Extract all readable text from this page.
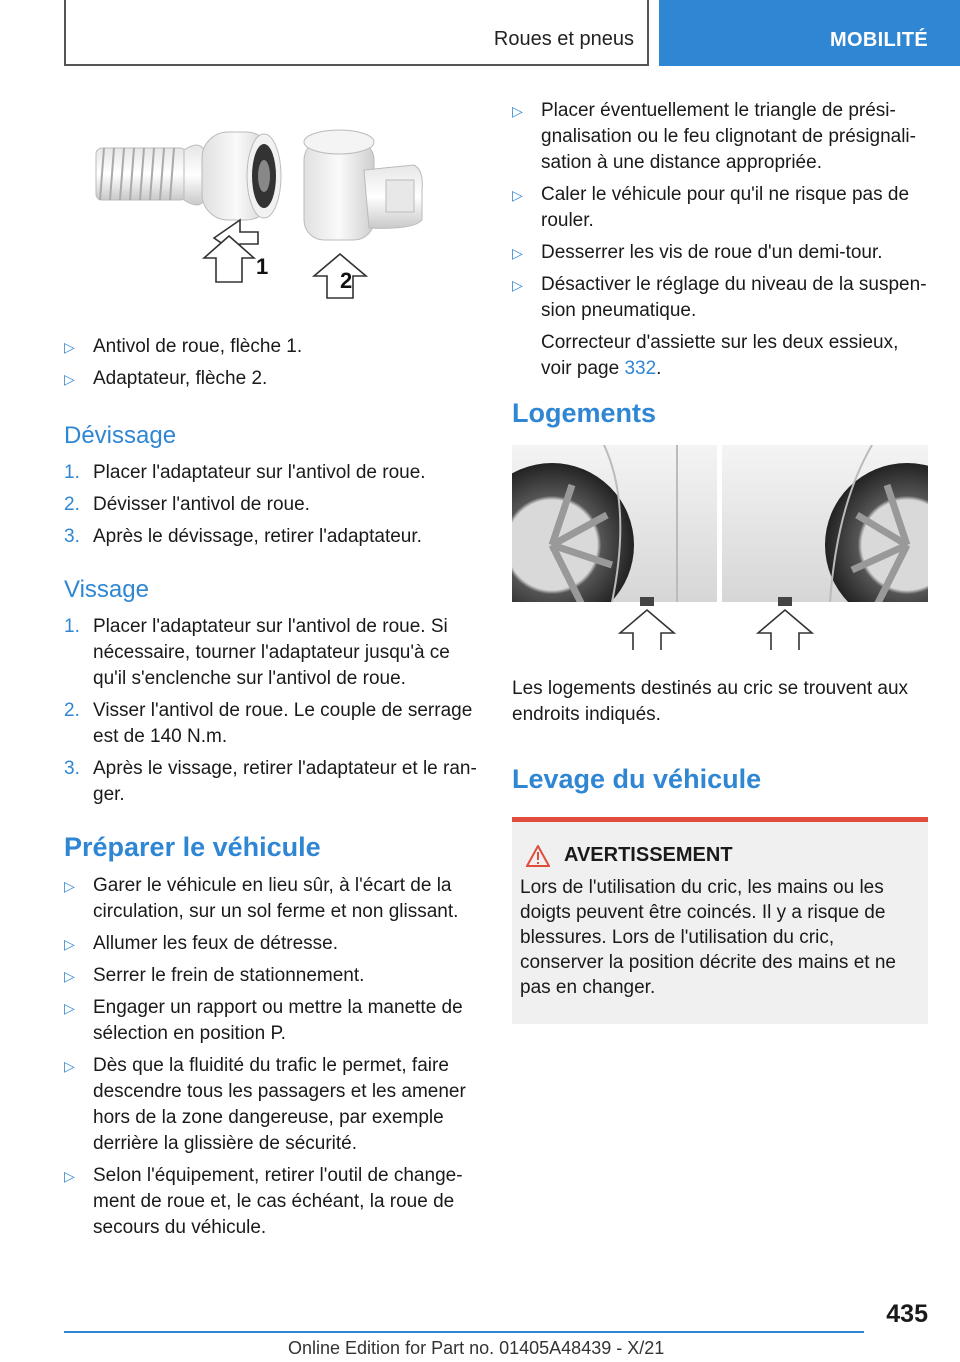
Roues et pneus	MOBILITÉ
1
2
▷ Antivol de roue, flèche 1.
▷ Adaptateur, flèche 2.
Dévissage
1. Placer l'adaptateur sur l'antivol de roue.
2. Dévisser l'antivol de roue.
3. Après le dévissage, retirer l'adaptateur.
Vissage
1. Placer l'adaptateur sur l'antivol de roue. Si nécessaire, tourner l'adaptateur jusqu'à ce qu'il s'enclenche sur l'antivol de roue.
2. Visser l'antivol de roue. Le couple de serrage est de 140 N.m.
3. Après le vissage, retirer l'adaptateur et le ranger.
Préparer le véhicule
▷ Garer le véhicule en lieu sûr, à l'écart de la circulation, sur un sol ferme et non glissant.
▷ Allumer les feux de détresse.
▷ Serrer le frein de stationnement.
▷ Engager un rapport ou mettre la manette de sélection en position P.
▷ Dès que la fluidité du trafic le permet, faire descendre tous les passagers et les amener hors de la zone dangereuse, par exemple derrière la glissière de sécurité.
▷ Selon l'équipement, retirer l'outil de changement de roue et, le cas échéant, la roue de secours du véhicule.
▷ Placer éventuellement le triangle de présignalisation ou le feu clignotant de présignalisation à une distance appropriée.
▷ Caler le véhicule pour qu'il ne risque pas de rouler.
▷ Desserrer les vis de roue d'un demi-tour.
▷ Désactiver le réglage du niveau de la suspension pneumatique.
Correcteur d'assiette sur les deux essieux, voir page 332.
Logements
Les logements destinés au cric se trouvent aux endroits indiqués.
Levage du véhicule
AVERTISSEMENT
Lors de l'utilisation du cric, les mains ou les doigts peuvent être coincés. Il y a risque de blessures. Lors de l'utilisation du cric, conserver la position décrite des mains et ne pas en changer.
435
Online Edition for Part no. 01405A48439 - X/21
